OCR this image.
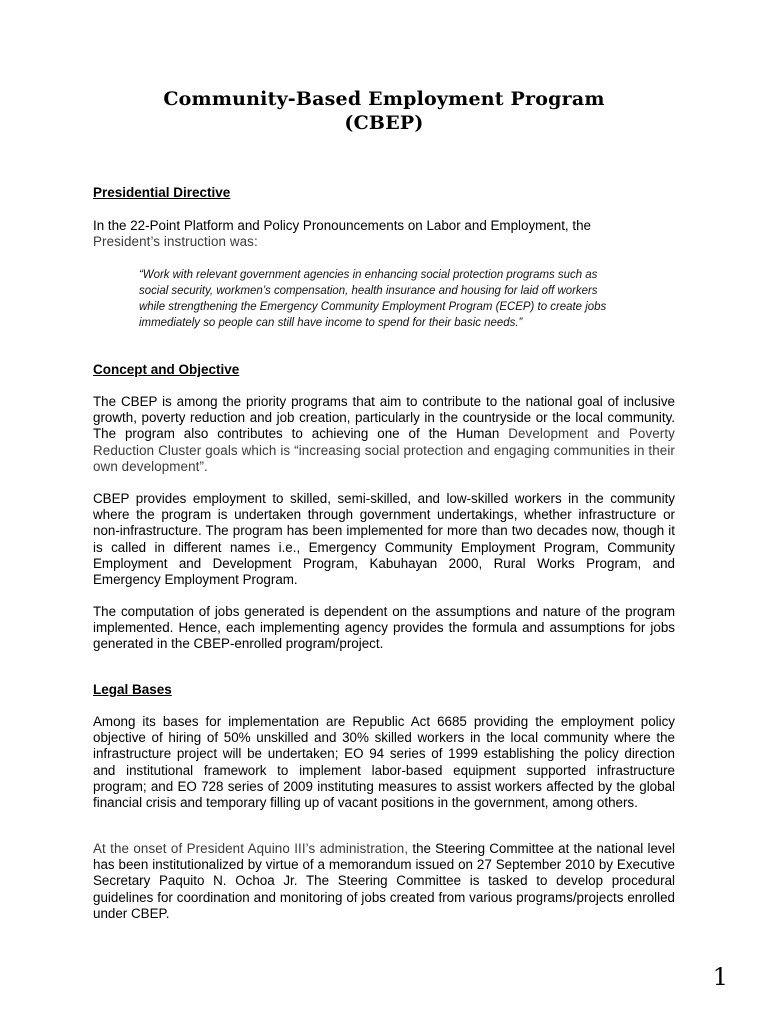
Community-Based Employment Program
(CBEP)
Presidential Directive

In the 22-Point Platform and Policy Pronouncements on Labor and Employment, the
President’s instruction was:

“Work with relevant government agencies in enhancing social protection programs such as social security, workmen’s compensation, health insurance and housing for laid off workers while strengthening the Emergency Community Employment Program (ECEP) to create jobs immediately so people can still have income to spend for their basic needs.”

Concept and Objective

The CBEP is among the priority programs that aim to contribute to the national goal of inclusive growth, poverty reduction and job creation, particularly in the countryside or the local community. The program also contributes to achieving one of the Human Development and Poverty Reduction Cluster goals which is “increasing social protection and engaging communities in their own development”.

CBEP provides employment to skilled, semi-skilled, and low-skilled workers in the community where the program is undertaken through government undertakings, whether infrastructure or non-infrastructure. The program has been implemented for more than two decades now, though it is called in different names i.e., Emergency Community Employment Program, Community Employment and Development Program, Kabuhayan 2000, Rural Works Program, and Emergency Employment Program.

The computation of jobs generated is dependent on the assumptions and nature of the program implemented. Hence, each implementing agency provides the formula and assumptions for jobs generated in the CBEP-enrolled program/project.

Legal Bases

Among its bases for implementation are Republic Act 6685 providing the employment policy objective of hiring of 50% unskilled and 30% skilled workers in the local community where the infrastructure project will be undertaken; EO 94 series of 1999 establishing the policy direction and institutional framework to implement labor-based equipment supported infrastructure program; and EO 728 series of 2009 instituting measures to assist workers affected by the global financial crisis and temporary filling up of vacant positions in the government, among others.

At the onset of President Aquino III’s administration, the Steering Committee at the national level has been institutionalized by virtue of a memorandum issued on 27 September 2010 by Executive Secretary Paquito N. Ochoa Jr. The Steering Committee is tasked to develop procedural guidelines for coordination and monitoring of jobs created from various programs/projects enrolled under CBEP.

1
